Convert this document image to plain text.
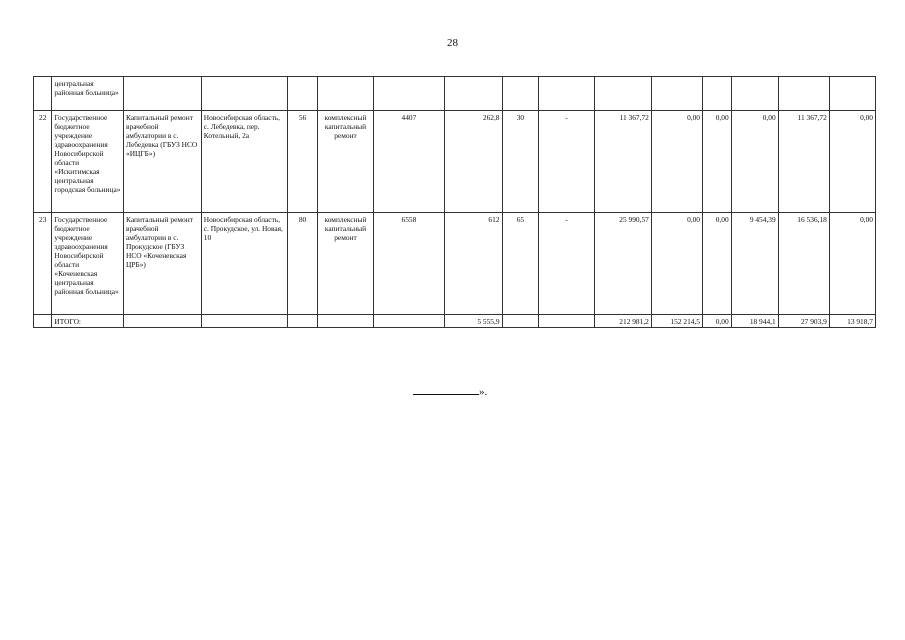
28
	центральная районная больница»														
22	Государственное бюджетное учреждение здравоохранения Новосибирской области «Искитимская центральная городская больница»	Капитальный ремонт врачебной амбулатории в с. Лебедевка (ГБУЗ НСО «ИЦГБ»)	Новосибирская область, с. Лебедевка, пер. Котельный, 2а	56	комплексный капитальный ремонт	4407	262,8	30	-	11 367,72	0,00	0,00	0,00	11 367,72	0,00
23	Государственное бюджетное учреждение здравоохранения Новосибирской области «Коченевская центральная районная больница»	Капитальный ремонт врачебной амбулатории в с. Прокудское (ГБУЗ НСО «Коченевская ЦРБ»)	Новосибирская область, с. Прокудское, ул. Новая, 10	80	комплексный капитальный ремонт	6558	612	65	-	25 990,57	0,00	0,00	9 454,39	16 536,18	0,00
	ИТОГО:						5 555,9			212 981,2	152 214,5	0,00	18 944,1	27 903,9	13 918,7
».
